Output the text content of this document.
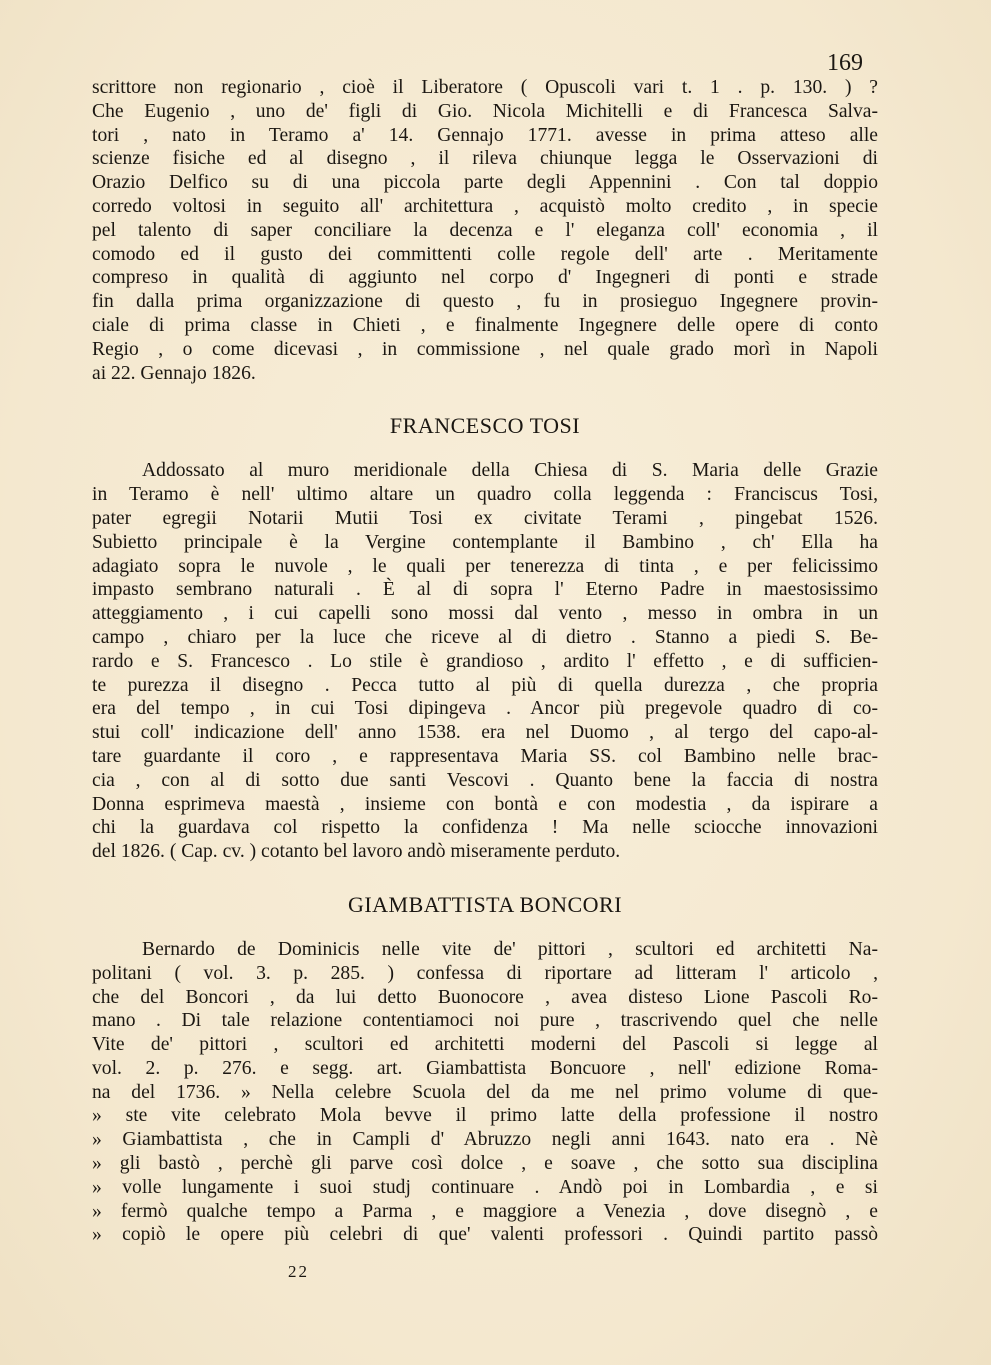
169
scrittore non regionario , cioè il Liberatore ( Opuscoli vari t. 1 . p. 130. ) ?
Che Eugenio , uno de' figli di Gio. Nicola Michitelli e di Francesca Salva-
tori , nato in Teramo a' 14. Gennajo 1771. avesse in prima atteso alle
scienze fisiche ed al disegno , il rileva chiunque legga le Osservazioni di
Orazio Delfico su di una piccola parte degli Appennini . Con tal doppio
corredo voltosi in seguito all' architettura , acquistò molto credito , in specie
pel talento di saper conciliare la decenza e l' eleganza coll' economia , il
comodo ed il gusto dei committenti colle regole dell' arte . Meritamente
compreso in qualità di aggiunto nel corpo d' Ingegneri di ponti e strade
fin dalla prima organizzazione di questo , fu in prosieguo Ingegnere provin-
ciale di prima classe in Chieti , e finalmente Ingegnere delle opere di conto
Regio , o come dicevasi , in commissione , nel quale grado morì in Napoli
ai 22. Gennajo 1826.
FRANCESCO TOSI
Addossato al muro meridionale della Chiesa di S. Maria delle Grazie
in Teramo è nell' ultimo altare un quadro colla leggenda : Franciscus Tosi,
pater egregii Notarii Mutii Tosi ex civitate Terami , pingebat 1526.
Subietto principale è la Vergine contemplante il Bambino , ch' Ella ha
adagiato sopra le nuvole , le quali per tenerezza di tinta , e per felicissimo
impasto sembrano naturali . È al di sopra l' Eterno Padre in maestosissimo
atteggiamento , i cui capelli sono mossi dal vento , messo in ombra in un
campo , chiaro per la luce che riceve al di dietro . Stanno a piedi S. Be-
rardo e S. Francesco . Lo stile è grandioso , ardito l' effetto , e di sufficien-
te purezza il disegno . Pecca tutto al più di quella durezza , che propria
era del tempo , in cui Tosi dipingeva . Ancor più pregevole quadro di co-
stui coll' indicazione dell' anno 1538. era nel Duomo , al tergo del capo-al-
tare guardante il coro , e rappresentava Maria SS. col Bambino nelle brac-
cia , con al di sotto due santi Vescovi . Quanto bene la faccia di nostra
Donna esprimeva maestà , insieme con bontà e con modestia , da ispirare a
chi la guardava col rispetto la confidenza ! Ma nelle sciocche innovazioni
del 1826. ( Cap. cv. ) cotanto bel lavoro andò miseramente perduto.
GIAMBATTISTA BONCORI
Bernardo de Dominicis nelle vite de' pittori , scultori ed architetti Na-
politani ( vol. 3. p. 285. ) confessa di riportare ad litteram l' articolo ,
che del Boncori , da lui detto Buonocore , avea disteso Lione Pascoli Ro-
mano . Di tale relazione contentiamoci noi pure , trascrivendo quel che nelle
Vite de' pittori , scultori ed architetti moderni del Pascoli si legge al
vol. 2. p. 276. e segg. art. Giambattista Boncuore , nell' edizione Roma-
na del 1736. » Nella celebre Scuola del da me nel primo volume di que-
» ste vite celebrato Mola bevve il primo latte della professione il nostro
» Giambattista , che in Campli d' Abruzzo negli anni 1643. nato era . Nè
» gli bastò , perchè gli parve così dolce , e soave , che sotto sua disciplina
» volle lungamente i suoi studj continuare . Andò poi in Lombardia , e si
» fermò qualche tempo a Parma , e maggiore a Venezia , dove disegnò , e
» copiò le opere più celebri di que' valenti professori . Quindi partito passò
22
